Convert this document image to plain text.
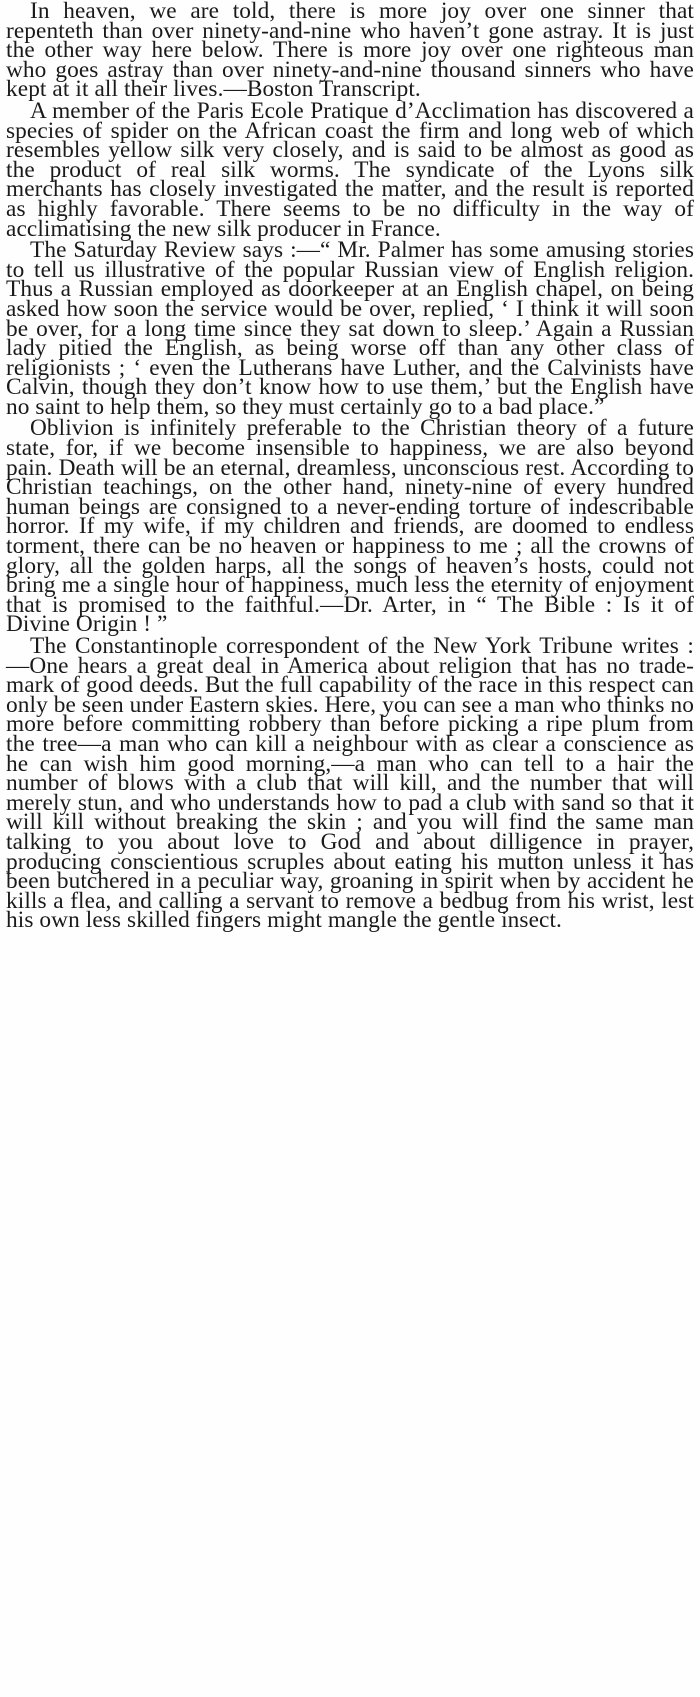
In heaven, we are told, there is more joy over one sinner that repenteth than over ninety-and-nine who haven’t gone astray. It is just the other way here below. There is more joy over one righteous man who goes astray than over ninety-and-nine thousand sinners who have kept at it all their lives.—Boston Transcript.

A member of the Paris Ecole Pratique d’Acclimation has discovered a species of spider on the African coast the firm and long web of which resembles yellow silk very closely, and is said to be almost as good as the product of real silk worms. The syndicate of the Lyons silk merchants has closely investigated the matter, and the result is reported as highly favorable. There seems to be no difficulty in the way of acclimatising the new silk producer in France.

The Saturday Review says :—“ Mr. Palmer has some amusing stories to tell us illustrative of the popular Russian view of English religion. Thus a Russian employed as doorkeeper at an English chapel, on being asked how soon the service would be over, replied, ‘ I think it will soon be over, for a long time since they sat down to sleep.’ Again a Russian lady pitied the English, as being worse off than any other class of religionists ; ‘ even the Lutherans have Luther, and the Calvinists have Calvin, though they don’t know how to use them,’ but the English have no saint to help them, so they must certainly go to a bad place.”

Oblivion is infinitely preferable to the Christian theory of a future state, for, if we become insensible to happiness, we are also beyond pain. Death will be an eternal, dreamless, unconscious rest. According to Christian teachings, on the other hand, ninety-nine of every hundred human beings are consigned to a never-ending torture of indescribable horror. If my wife, if my children and friends, are doomed to endless torment, there can be no heaven or happiness to me ; all the crowns of glory, all the golden harps, all the songs of heaven’s hosts, could not bring me a single hour of happiness, much less the eternity of enjoyment that is promised to the faithful.—Dr. Arter, in “ The Bible : Is it of Divine Origin ! ”

The Constantinople correspondent of the New York Tribune writes :—One hears a great deal in America about religion that has no trade-mark of good deeds. But the full capability of the race in this respect can only be seen under Eastern skies. Here, you can see a man who thinks no more before committing robbery than before picking a ripe plum from the tree—a man who can kill a neighbour with as clear a conscience as he can wish him good morning,—a man who can tell to a hair the number of blows with a club that will kill, and the number that will merely stun, and who understands how to pad a club with sand so that it will kill without breaking the skin ; and you will find the same man talking to you about love to God and about dilligence in prayer, producing conscientious scruples about eating his mutton unless it has been butchered in a peculiar way, groaning in spirit when by accident he kills a flea, and calling a servant to remove a bedbug from his wrist, lest his own less skilled fingers might mangle the gentle insect.
